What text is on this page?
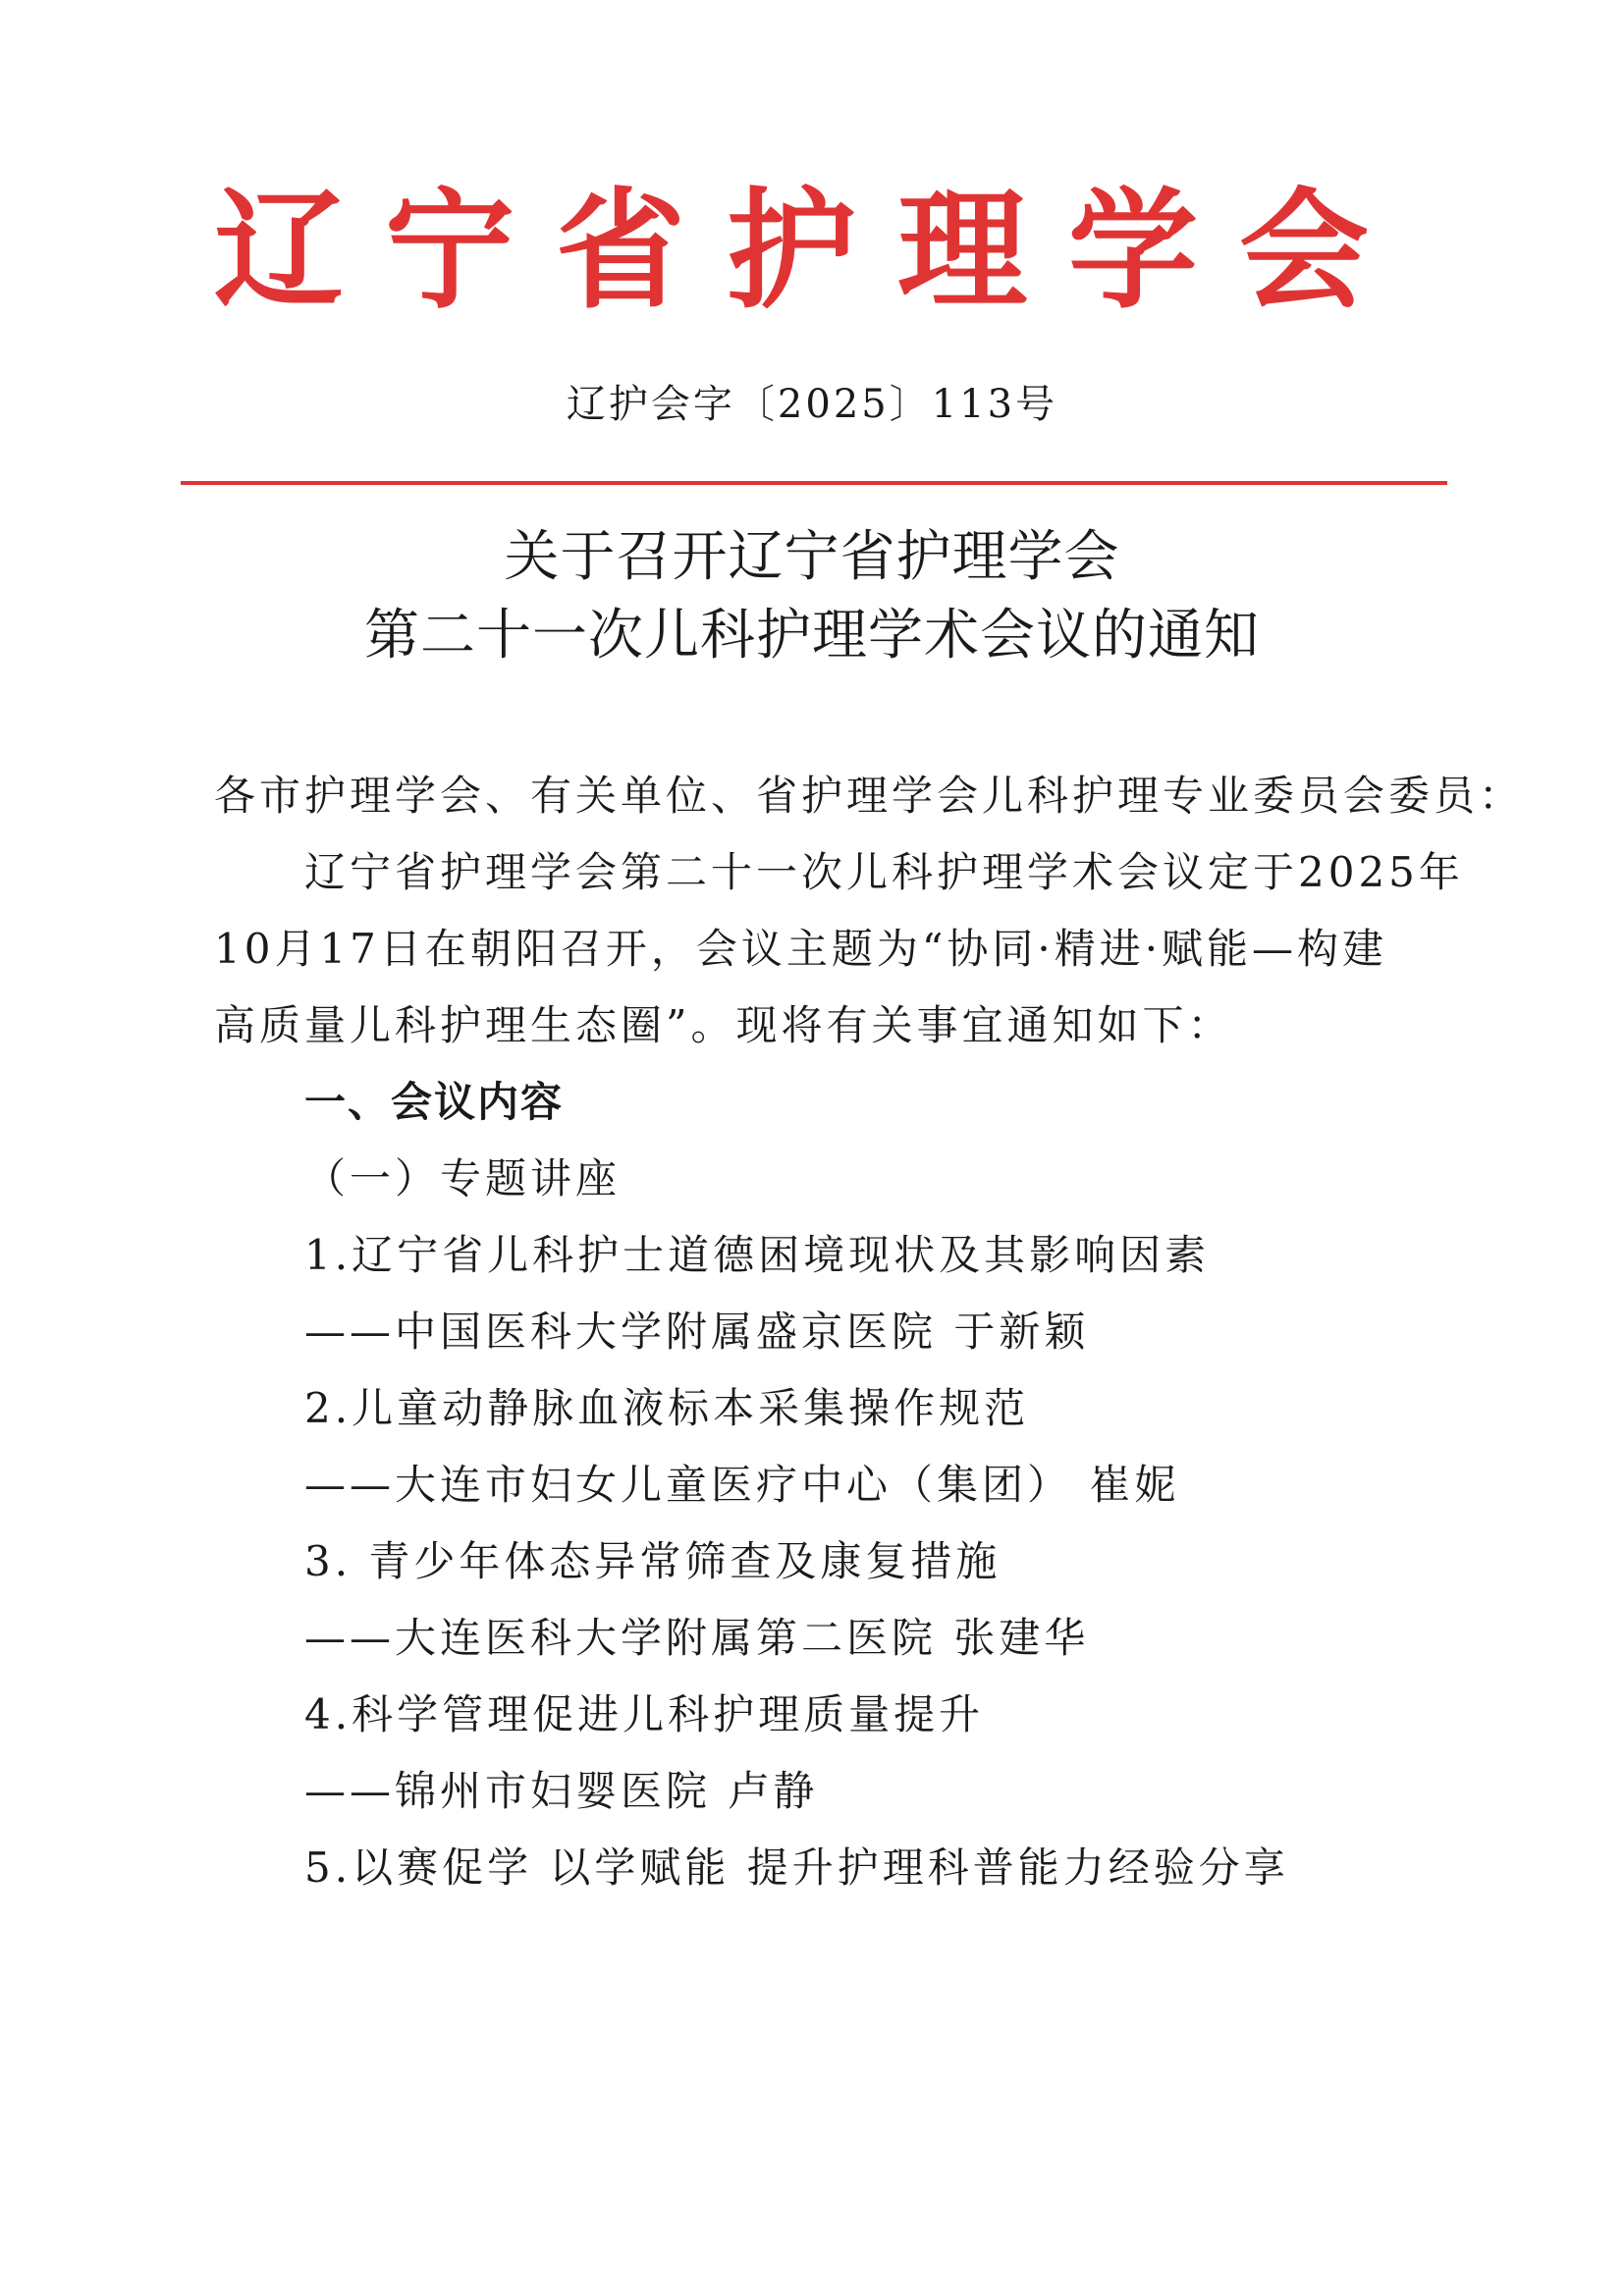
辽宁省护理学会
辽护会字〔2025〕113号
关于召开辽宁省护理学会
第二十一次儿科护理学术会议的通知
各市护理学会、有关单位、省护理学会儿科护理专业委员会委员：
辽宁省护理学会第二十一次儿科护理学术会议定于2025年
10月17日在朝阳召开，会议主题为“协同·精进·赋能—构建
高质量儿科护理生态圈”。现将有关事宜通知如下：
一、会议内容
（一）专题讲座
1.辽宁省儿科护士道德困境现状及其影响因素
——中国医科大学附属盛京医院 于新颖
2.儿童动静脉血液标本采集操作规范
——大连市妇女儿童医疗中心（集团） 崔妮
3. 青少年体态异常筛查及康复措施
——大连医科大学附属第二医院 张建华
4.科学管理促进儿科护理质量提升
——锦州市妇婴医院 卢静
5.以赛促学 以学赋能 提升护理科普能力经验分享
